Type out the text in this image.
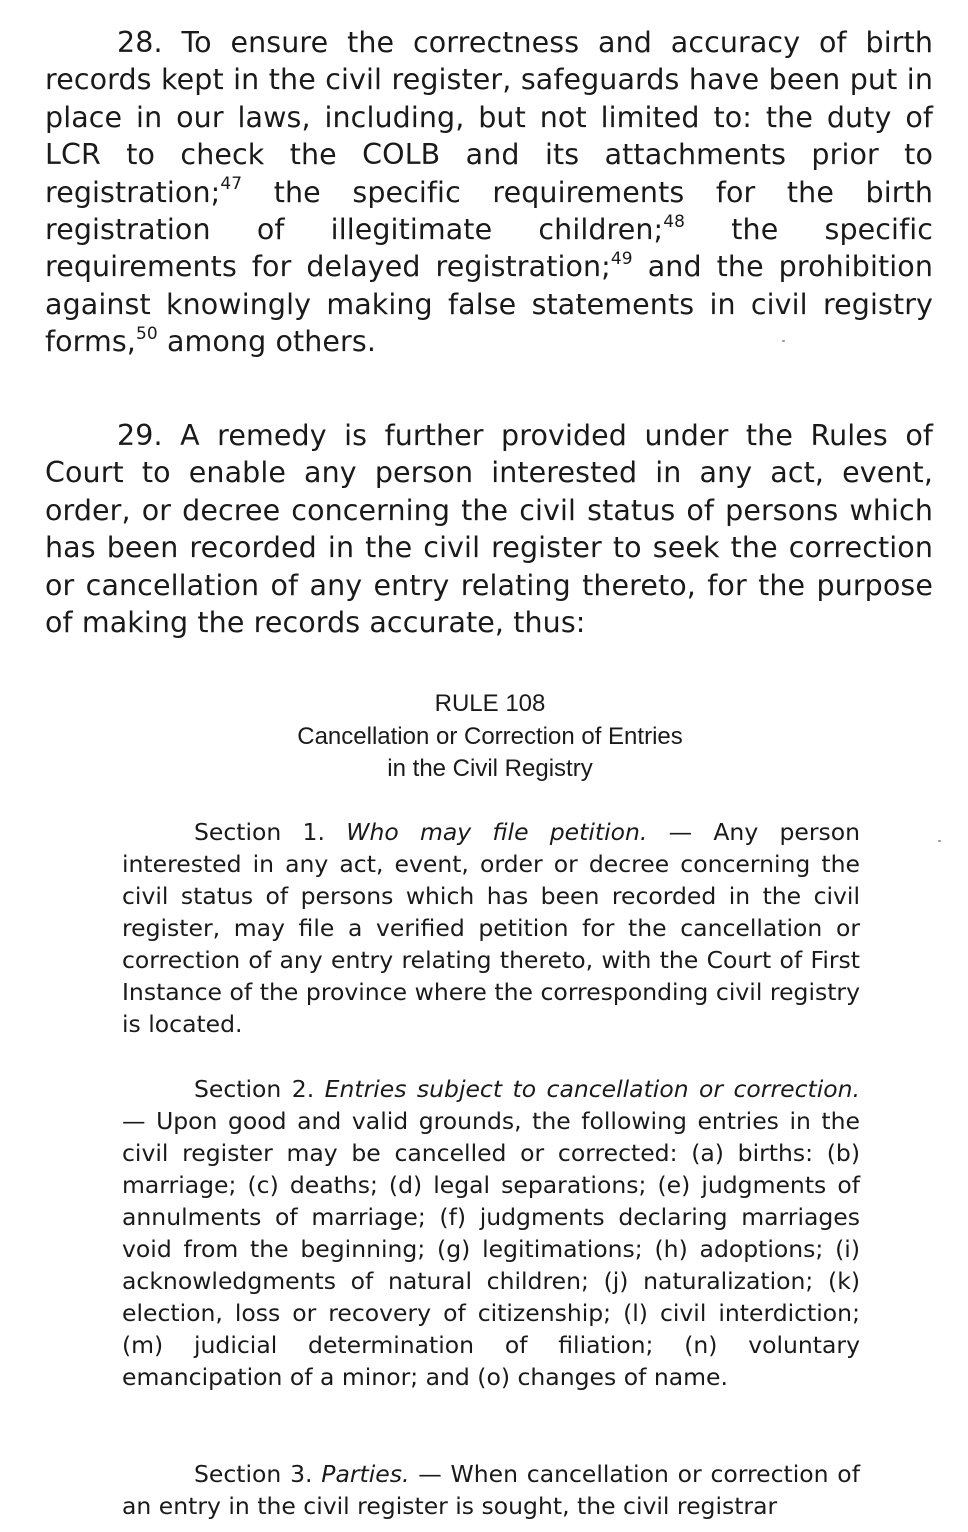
28. To ensure the correctness and accuracy of birth records kept in the civil register, safeguards have been put in place in our laws, including, but not limited to: the duty of LCR to check the COLB and its attachments prior to registration;$^{47}$ the specific requirements for the birth registration of illegitimate children;$^{48}$ the specific requirements for delayed registration;$^{49}$ and the prohibition against knowingly making false statements in civil registry forms,$^{50}$ among others.

29. A remedy is further provided under the Rules of Court to enable any person interested in any act, event, order, or decree concerning the civil status of persons which has been recorded in the civil register to seek the correction or cancellation of any entry relating thereto, for the purpose of making the records accurate, thus:

RULE 108
Cancellation or Correction of Entries
in the Civil Registry

Section 1. Who may file petition. — Any person interested in any act, event, order or decree concerning the civil status of persons which has been recorded in the civil register, may file a verified petition for the cancellation or correction of any entry relating thereto, with the Court of First Instance of the province where the corresponding civil registry is located.

Section 2. Entries subject to cancellation or correction. — Upon good and valid grounds, the following entries in the civil register may be cancelled or corrected: (a) births: (b) marriage; (c) deaths; (d) legal separations; (e) judgments of annulments of marriage; (f) judgments declaring marriages void from the beginning; (g) legitimations; (h) adoptions; (i) acknowledgments of natural children; (j) naturalization; (k) election, loss or recovery of citizenship; (l) civil interdiction; (m) judicial determination of filiation; (n) voluntary emancipation of a minor; and (o) changes of name.

Section 3. Parties. — When cancellation or correction of an entry in the civil register is sought, the civil registrar
